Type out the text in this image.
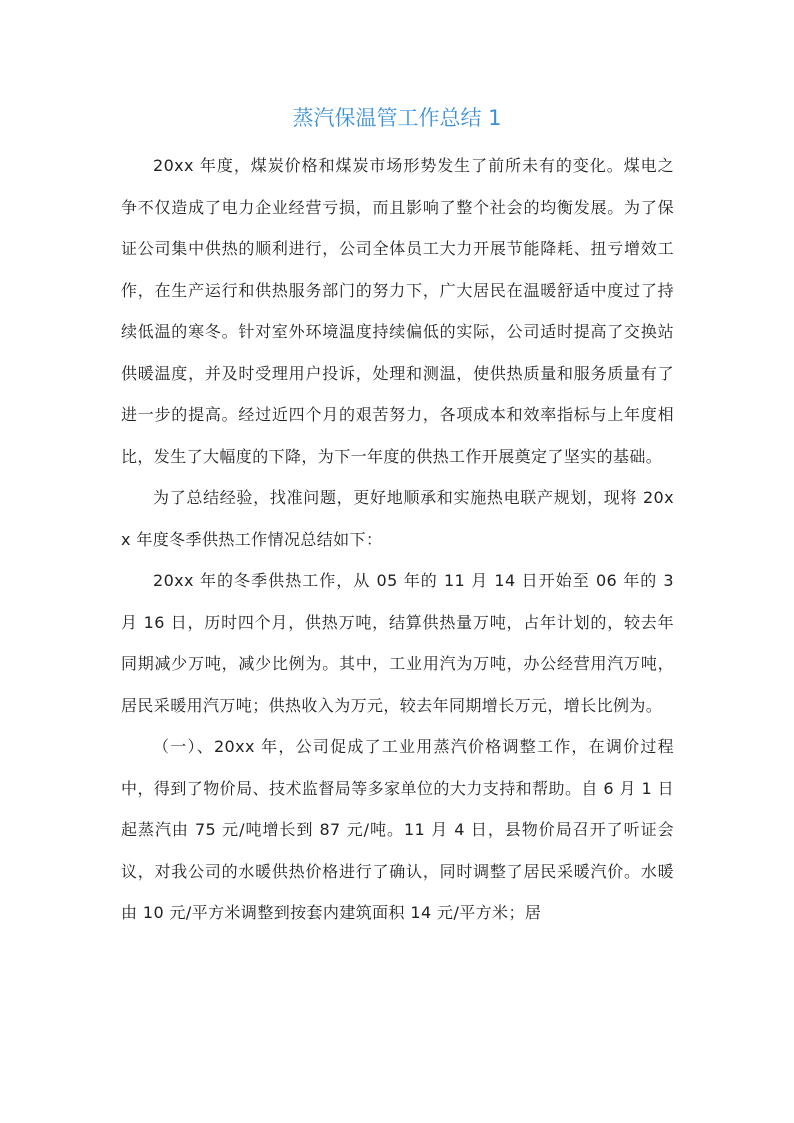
蒸汽保温管工作总结 1

20xx 年度，煤炭价格和煤炭市场形势发生了前所未有的变化。煤电之争不仅造成了电力企业经营亏损，而且影响了整个社会的均衡发展。为了保证公司集中供热的顺利进行，公司全体员工大力开展节能降耗、扭亏增效工作，在生产运行和供热服务部门的努力下，广大居民在温暖舒适中度过了持续低温的寒冬。针对室外环境温度持续偏低的实际，公司适时提高了交换站供暖温度，并及时受理用户投诉，处理和测温，使供热质量和服务质量有了进一步的提高。经过近四个月的艰苦努力，各项成本和效率指标与上年度相比，发生了大幅度的下降，为下一年度的供热工作开展奠定了坚实的基础。

为了总结经验，找准问题，更好地顺承和实施热电联产规划，现将 20xx 年度冬季供热工作情况总结如下：

20xx 年的冬季供热工作，从 05 年的 11 月 14 日开始至 06 年的 3 月 16 日，历时四个月，供热万吨，结算供热量万吨，占年计划的，较去年同期减少万吨，减少比例为。其中，工业用汽为万吨，办公经营用汽万吨，居民采暖用汽万吨；供热收入为万元，较去年同期增长万元，增长比例为。

（一）、20xx 年，公司促成了工业用蒸汽价格调整工作，在调价过程中，得到了物价局、技术监督局等多家单位的大力支持和帮助。自 6 月 1 日起蒸汽由 75 元/吨增长到 87 元/吨。11 月 4 日，县物价局召开了听证会议，对我公司的水暖供热价格进行了确认，同时调整了居民采暖汽价。水暖由 10 元/平方米调整到按套内建筑面积 14 元/平方米；居
